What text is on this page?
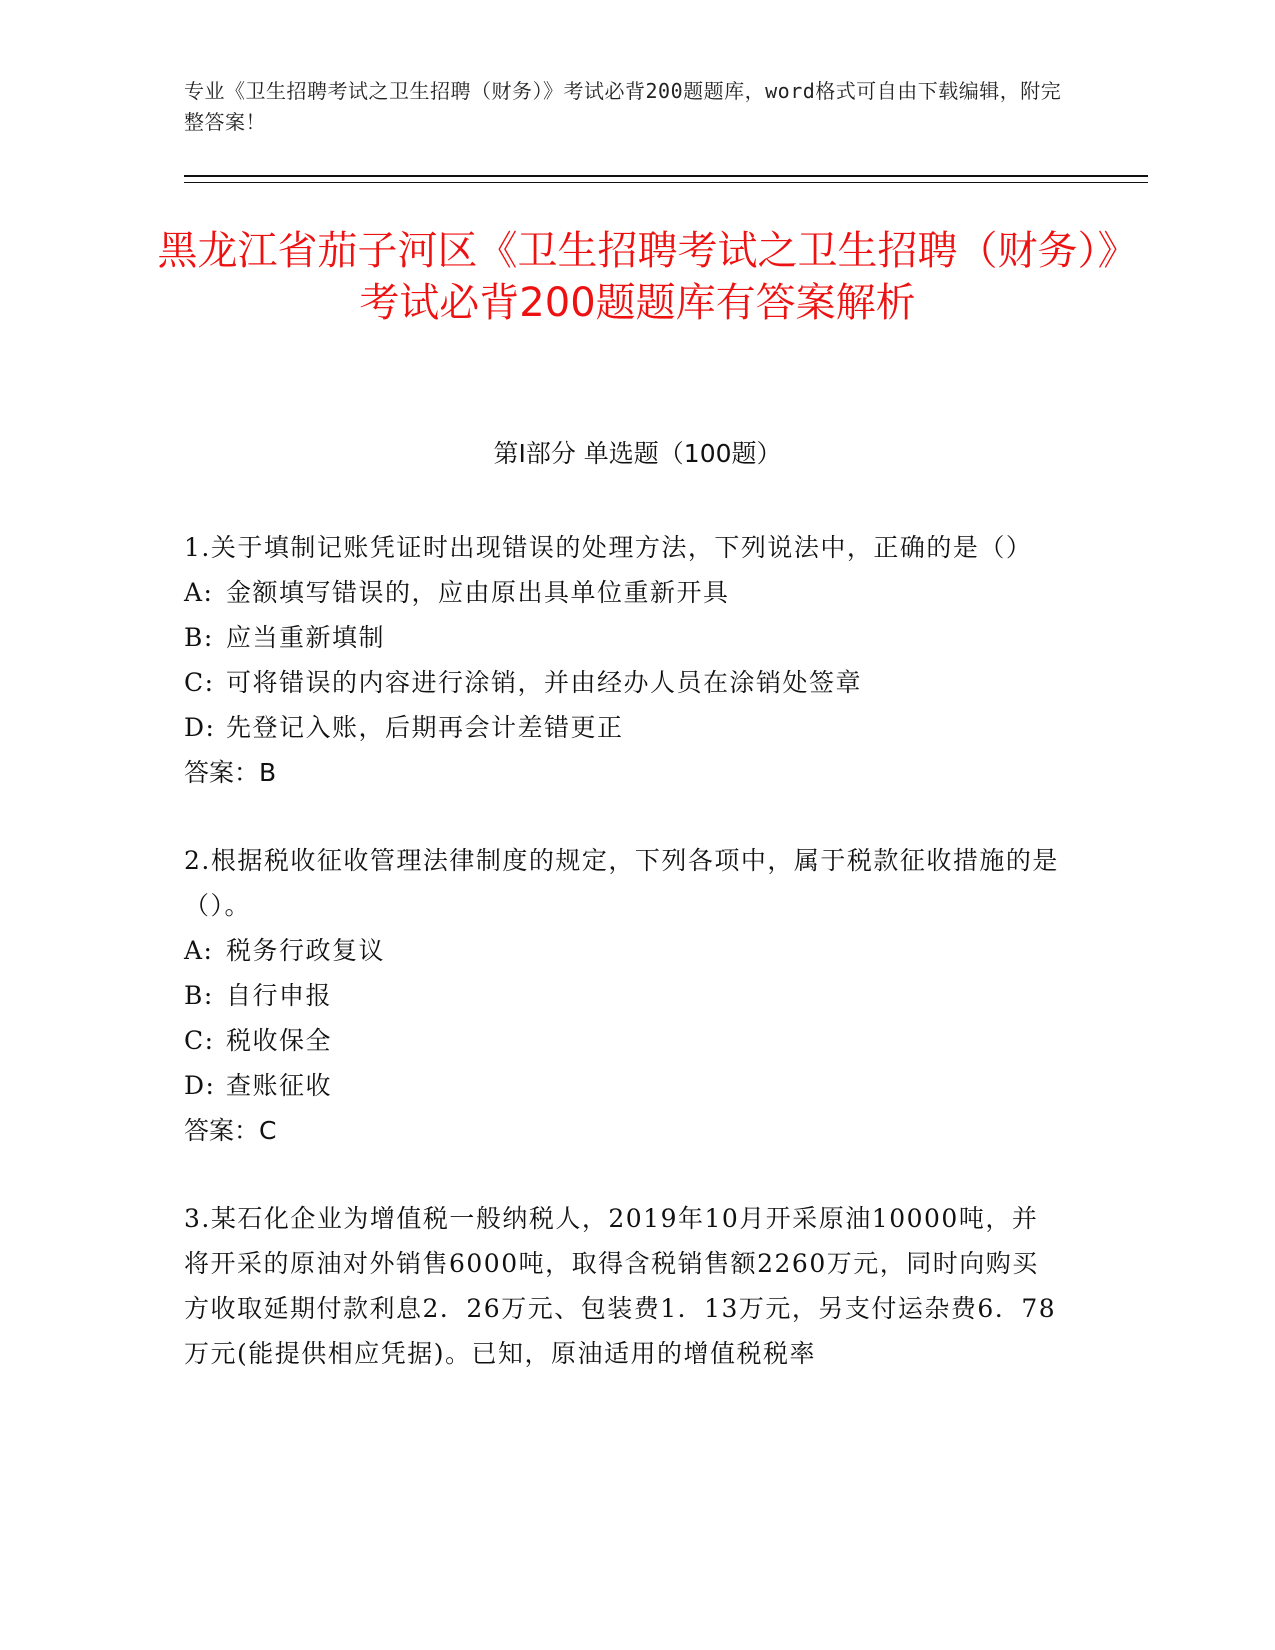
专业《卫生招聘考试之卫生招聘（财务）》考试必背200题题库，word格式可自由下载编辑，附完整答案！
黑龙江省茄子河区《卫生招聘考试之卫生招聘（财务）》考试必背200题题库有答案解析
第Ⅰ部分 单选题（100题）
1.关于填制记账凭证时出现错误的处理方法，下列说法中，正确的是（）
A: 金额填写错误的，应由原出具单位重新开具
B: 应当重新填制
C: 可将错误的内容进行涂销，并由经办人员在涂销处签章
D: 先登记入账，后期再会计差错更正
答案：B
2.根据税收征收管理法律制度的规定，下列各项中，属于税款征收措施的是（）。
A: 税务行政复议
B: 自行申报
C: 税收保全
D: 查账征收
答案：C
3.某石化企业为增值税一般纳税人，2019年10月开采原油10000吨，并将开采的原油对外销售6000吨，取得含税销售额2260万元，同时向购买方收取延期付款利息2．26万元、包装费1．13万元，另支付运杂费6．78万元(能提供相应凭据)。已知，原油适用的增值税税率
